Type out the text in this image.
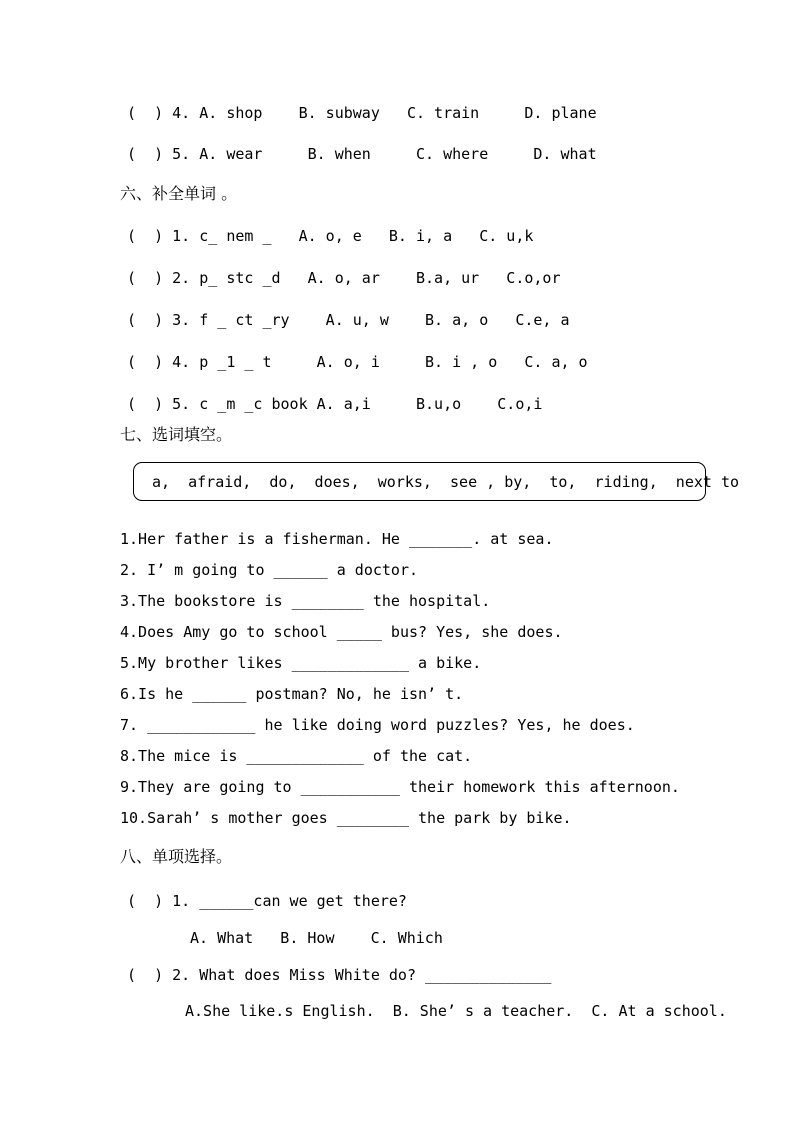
(  ) 4. A. shop    B. subway   C. train     D. plane
(  ) 5. A. wear     B. when     C. where     D. what
六、补全单词 。
(  ) 1. c_ nem _   A. o, e   B. i, a   C. u,k
(  ) 2. p_ stc _d   A. o, ar    B.a, ur   C.o,or
(  ) 3. f _ ct _ry    A. u, w    B. a, o   C.e, a
(  ) 4. p _1 _ t     A. o, i     B. i , o   C. a, o
(  ) 5. c _m _c book A. a,i     B.u,o    C.o,i
七、选词填空。
a,  afraid,  do,  does,  works,  see , by,  to,  riding,  next to
1.Her father is a fisherman. He _______. at sea.
2. I’ m going to ______ a doctor.
3.The bookstore is ________ the hospital.
4.Does Amy go to school _____ bus? Yes, she does.
5.My brother likes _____________ a bike.
6.Is he ______ postman? No, he isn’ t.
7. ____________ he like doing word puzzles? Yes, he does.
8.The mice is _____________ of the cat.
9.They are going to ___________ their homework this afternoon.
10.Sarah’ s mother goes ________ the park by bike.
八、单项选择。
(  ) 1. ______can we get there?
A. What   B. How    C. Which
(  ) 2. What does Miss White do? ______________
A.She like.s English.  B. She’ s a teacher.  C. At a school.
